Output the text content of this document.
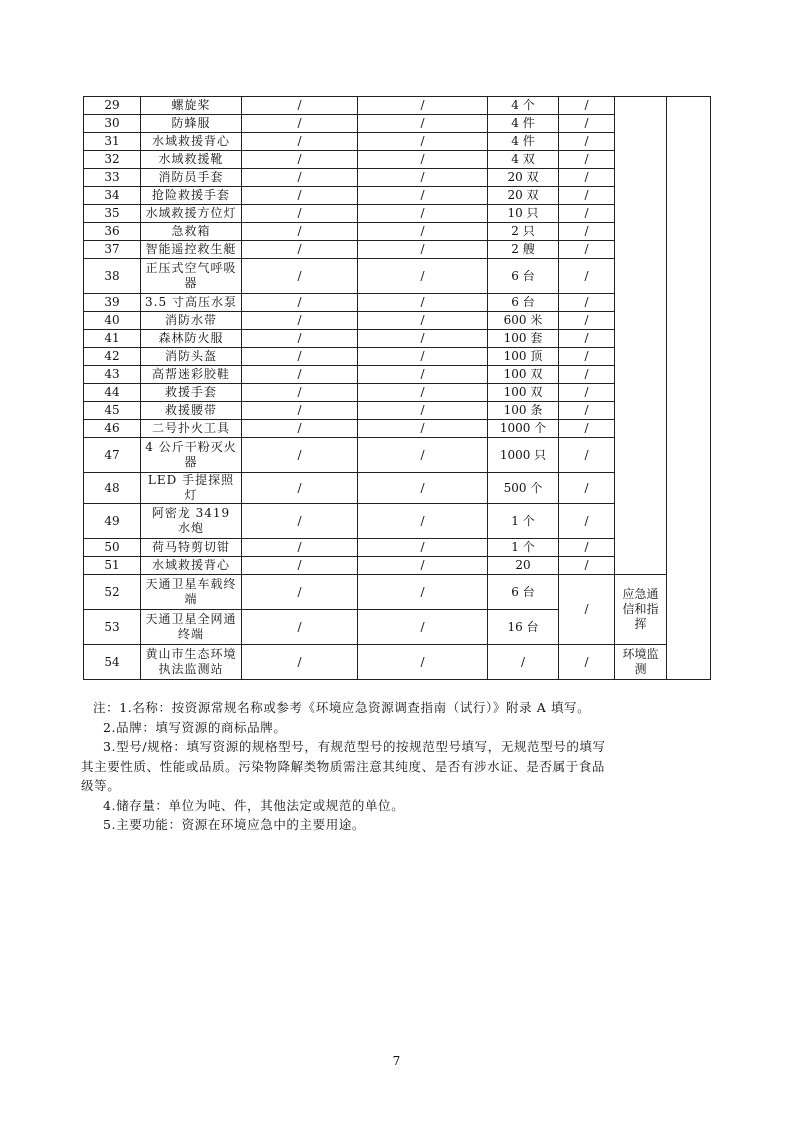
29	螺旋桨	/	/	4 个	/		
30	防蜂服	/	/	4 件	/		
31	水域救援背心	/	/	4 件	/		
32	水域救援靴	/	/	4 双	/		
33	消防员手套	/	/	20 双	/		
34	抢险救援手套	/	/	20 双	/		
35	水域救援方位灯	/	/	10 只	/		
36	急救箱	/	/	2 只	/		
37	智能遥控救生艇	/	/	2 艘	/		
38	正压式空气呼吸器	/	/	6 台	/		
39	3.5 寸高压水泵	/	/	6 台	/		
40	消防水带	/	/	600 米	/		
41	森林防火服	/	/	100 套	/		
42	消防头盔	/	/	100 顶	/		
43	高帮迷彩胶鞋	/	/	100 双	/		
44	救援手套	/	/	100 双	/		
45	救援腰带	/	/	100 条	/		
46	二号扑火工具	/	/	1000 个	/		
47	4 公斤干粉灭火器	/	/	1000 只	/		
48	LED 手提探照灯	/	/	500 个	/		
49	阿密龙 3419 水炮	/	/	1 个	/		
50	荷马特剪切钳	/	/	1 个	/		
51	水域救援背心	/	/	20	/		
52	天通卫星车载终端	/	/	6 台	/	应急通信和指挥	
53	天通卫星全网通终端	/	/	16 台			
54	黄山市生态环境执法监测站	/	/	/	/	环境监测	

注：1.名称：按资源常规名称或参考《环境应急资源调查指南（试行）》附录 A 填写。

2.品牌：填写资源的商标品牌。

3.型号/规格：填写资源的规格型号，有规范型号的按规范型号填写，无规范型号的填写

其主要性质、性能或品质。污染物降解类物质需注意其纯度、是否有涉水证、是否属于食品

级等。

4.储存量：单位为吨、件，其他法定或规范的单位。

5.主要功能：资源在环境应急中的主要用途。

7
